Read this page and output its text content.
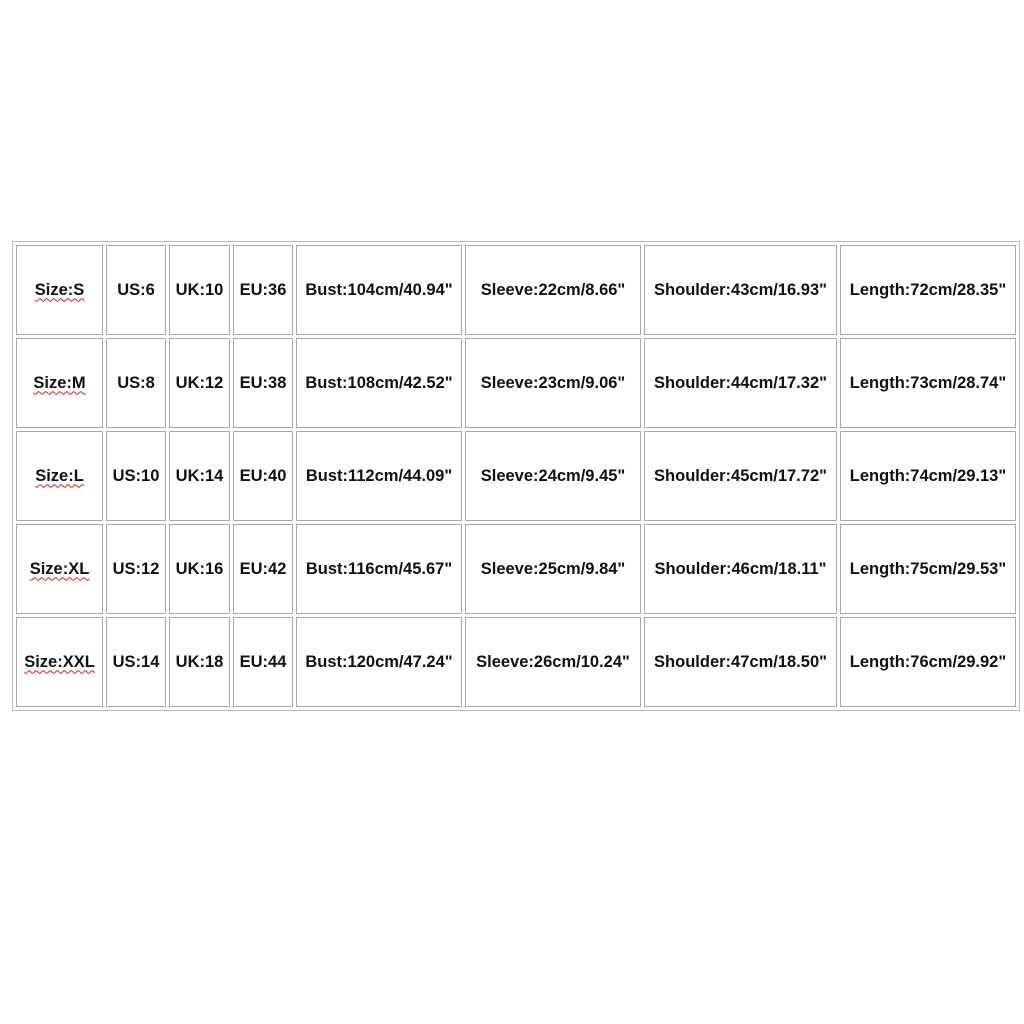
Size:S	US:6	UK:10	EU:36	Bust:104cm/40.94"	Sleeve:22cm/8.66"	Shoulder:43cm/16.93"	Length:72cm/28.35"
Size:M	US:8	UK:12	EU:38	Bust:108cm/42.52"	Sleeve:23cm/9.06"	Shoulder:44cm/17.32"	Length:73cm/28.74"
Size:L	US:10	UK:14	EU:40	Bust:112cm/44.09"	Sleeve:24cm/9.45"	Shoulder:45cm/17.72"	Length:74cm/29.13"
Size:XL	US:12	UK:16	EU:42	Bust:116cm/45.67"	Sleeve:25cm/9.84"	Shoulder:46cm/18.11"	Length:75cm/29.53"
Size:XXL	US:14	UK:18	EU:44	Bust:120cm/47.24"	Sleeve:26cm/10.24"	Shoulder:47cm/18.50"	Length:76cm/29.92"
